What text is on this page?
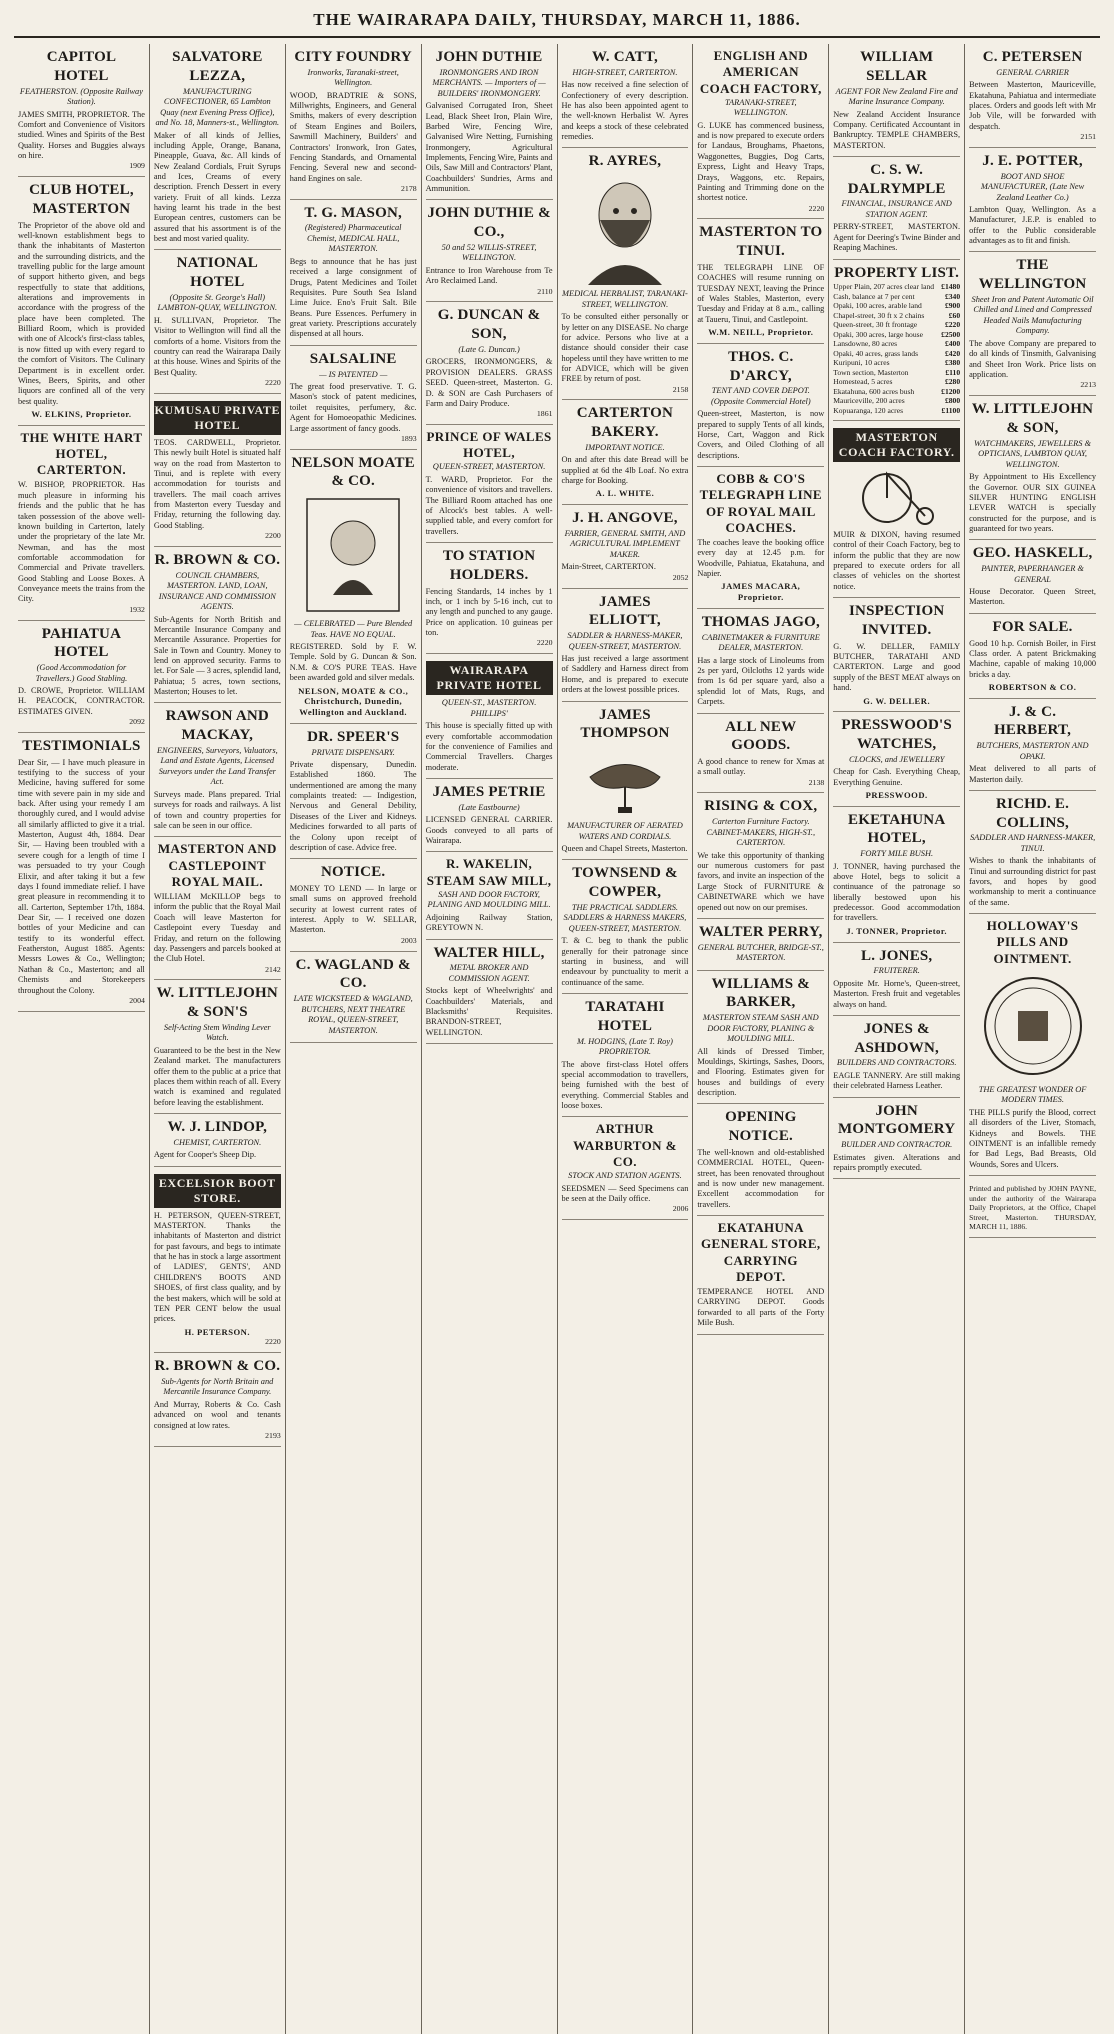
THE WAIRARAPA DAILY, THURSDAY, MARCH 11, 1886.
CAPITOL HOTEL
FEATHERSTON. (Opposite Railway Station).
JAMES SMITH, PROPRIETOR. The Comfort and Convenience of Visitors studied. Wines and Spirits of the Best Quality. Horses and Buggies always on hire.
1909
CLUB HOTEL, MASTERTON
The Proprietor of the above old and well-known establishment begs to thank the inhabitants of Masterton and the surrounding districts, and the travelling public for the large amount of support hitherto given, and begs respectfully to state that additions, alterations and improvements in accordance with the progress of the place have been completed. The Billiard Room, which is provided with one of Alcock's first-class tables, is now fitted up with every regard to the comfort of Visitors. The Culinary Department is in excellent order. Wines, Beers, Spirits, and other liquors are confined all of the very best quality.
W. ELKINS, Proprietor.
THE WHITE HART HOTEL, CARTERTON.
W. BISHOP, PROPRIETOR. Has much pleasure in informing his friends and the public that he has taken possession of the above well-known building in Carterton, lately under the proprietary of the late Mr. Newman, and has the most comfortable accommodation for Commercial and Private travellers. Good Stabling and Loose Boxes. A Conveyance meets the trains from the City.
1932
PAHIATUA HOTEL
(Good Accommodation for Travellers.) Good Stabling.
D. CROWE, Proprietor. WILLIAM H. PEACOCK, CONTRACTOR. ESTIMATES GIVEN.
2092
TESTIMONIALS
Dear Sir, — I have much pleasure in testifying to the success of your Medicine, having suffered for some time with severe pain in my side and back. After using your remedy I am thoroughly cured, and I would advise all similarly afflicted to give it a trial. Masterton, August 4th, 1884. Dear Sir, — Having been troubled with a severe cough for a length of time I was persuaded to try your Cough Elixir, and after taking it but a few days I found immediate relief. I have great pleasure in recommending it to all. Carterton, September 17th, 1884. Dear Sir, — I received one dozen bottles of your Medicine and can testify to its wonderful effect. Featherston, August 1885. Agents: Messrs Lowes & Co., Wellington; Nathan & Co., Masterton; and all Chemists and Storekeepers throughout the Colony.
2004
SALVATORE LEZZA,
MANUFACTURING CONFECTIONER, 65 Lambton Quay (next Evening Press Office), and No. 18, Manners-st., Wellington.
Maker of all kinds of Jellies, including Apple, Orange, Banana, Pineapple, Guava, &c. All kinds of New Zealand Cordials, Fruit Syrups and Ices, Creams of every description. French Dessert in every variety. Fruit of all kinds. Lezza having learnt his trade in the best European centres, customers can be assured that his assortment is of the best and most varied quality.
NATIONAL HOTEL
(Opposite St. George's Hall) LAMBTON-QUAY, WELLINGTON.
H. SULLIVAN, Proprietor. The Visitor to Wellington will find all the comforts of a home. Visitors from the country can read the Wairarapa Daily at this house. Wines and Spirits of the Best Quality.
2220
KUMUSAU PRIVATE HOTEL
TEOS. CARDWELL, Proprietor. This newly built Hotel is situated half way on the road from Masterton to Tinui, and is replete with every accommodation for tourists and travellers. The mail coach arrives from Masterton every Tuesday and Friday, returning the following day. Good Stabling.
2200
R. BROWN & CO.
COUNCIL CHAMBERS, MASTERTON. LAND, LOAN, INSURANCE AND COMMISSION AGENTS.
Sub-Agents for North British and Mercantile Insurance Company and Mercantile Assurance. Properties for Sale in Town and Country. Money to lend on approved security. Farms to let. For Sale — 3 acres, splendid land, Pahiatua; 5 acres, town sections, Masterton; Houses to let.
RAWSON AND MACKAY,
ENGINEERS, Surveyors, Valuators, Land and Estate Agents, Licensed Surveyors under the Land Transfer Act.
Surveys made. Plans prepared. Trial surveys for roads and railways. A list of town and country properties for sale can be seen in our office.
MASTERTON AND CASTLEPOINT ROYAL MAIL.
WILLIAM McKILLOP begs to inform the public that the Royal Mail Coach will leave Masterton for Castlepoint every Tuesday and Friday, and return on the following day. Passengers and parcels booked at the Club Hotel.
2142
W. LITTLEJOHN & SON'S
Self-Acting Stem Winding Lever Watch.
Guaranteed to be the best in the New Zealand market. The manufacturers offer them to the public at a price that places them within reach of all. Every watch is examined and regulated before leaving the establishment.
W. J. LINDOP,
CHEMIST, CARTERTON.
Agent for Cooper's Sheep Dip.
EXCELSIOR BOOT STORE.
H. PETERSON, QUEEN-STREET, MASTERTON. Thanks the inhabitants of Masterton and district for past favours, and begs to intimate that he has in stock a large assortment of LADIES', GENTS', AND CHILDREN'S BOOTS AND SHOES, of first class quality, and by the best makers, which will be sold at TEN PER CENT below the usual prices.
H. PETERSON.
2220
R. BROWN & CO.
Sub-Agents for North Britain and Mercantile Insurance Company.
And Murray, Roberts & Co. Cash advanced on wool and tenants consigned at low rates.
2193
CITY FOUNDRY
Ironworks, Taranaki-street, Wellington.
WOOD, BRADTRIE & SONS, Millwrights, Engineers, and General Smiths, makers of every description of Steam Engines and Boilers, Sawmill Machinery, Builders' and Contractors' Ironwork, Iron Gates, Fencing Standards, and Ornamental Fencing. Several new and second-hand Engines on sale.
2178
T. G. MASON,
(Registered) Pharmaceutical Chemist, MEDICAL HALL, MASTERTON.
Begs to announce that he has just received a large consignment of Drugs, Patent Medicines and Toilet Requisites. Pure South Sea Island Lime Juice. Eno's Fruit Salt. Bile Beans. Pure Essences. Perfumery in great variety. Prescriptions accurately dispensed at all hours.
SALSALINE
— IS PATENTED —
The great food preservative. T. G. Mason's stock of patent medicines, toilet requisites, perfumery, &c. Agent for Homoeopathic Medicines. Large assortment of fancy goods.
1893
NELSON MOATE & CO.
— CELEBRATED — Pure Blended Teas. HAVE NO EQUAL.
REGISTERED. Sold by F. W. Temple. Sold by G. Duncan & Son. N.M. & CO'S PURE TEAS. Have been awarded gold and silver medals.
NELSON, MOATE & CO., Christchurch, Dunedin, Wellington and Auckland.
DR. SPEER'S
PRIVATE DISPENSARY.
Private dispensary, Dunedin. Established 1860. The undermentioned are among the many complaints treated: — Indigestion, Nervous and General Debility, Diseases of the Liver and Kidneys. Medicines forwarded to all parts of the Colony upon receipt of description of case. Advice free.
NOTICE.
MONEY TO LEND — In large or small sums on approved freehold security at lowest current rates of interest. Apply to W. SELLAR, Masterton.
2003
C. WAGLAND & CO.
LATE WICKSTEED & WAGLAND, BUTCHERS, NEXT THEATRE ROYAL, QUEEN-STREET, MASTERTON.
JOHN DUTHIE
IRONMONGERS AND IRON MERCHANTS. — Importers of — BUILDERS' IRONMONGERY.
Galvanised Corrugated Iron, Sheet Lead, Black Sheet Iron, Plain Wire, Barbed Wire, Fencing Wire, Galvanised Wire Netting, Furnishing Ironmongery, Agricultural Implements, Fencing Wire, Paints and Oils, Saw Mill and Contractors' Plant, Coachbuilders' Sundries, Arms and Ammunition.
JOHN DUTHIE & CO.,
50 and 52 WILLIS-STREET, WELLINGTON.
Entrance to Iron Warehouse from Te Aro Reclaimed Land.
2110
G. DUNCAN & SON,
(Late G. Duncan.)
GROCERS, IRONMONGERS, & PROVISION DEALERS. GRASS SEED. Queen-street, Masterton. G. D. & SON are Cash Purchasers of Farm and Dairy Produce.
1861
PRINCE OF WALES HOTEL,
QUEEN-STREET, MASTERTON.
T. WARD, Proprietor. For the convenience of visitors and travellers. The Billiard Room attached has one of Alcock's best tables. A well-supplied table, and every comfort for travellers.
TO STATION HOLDERS.
Fencing Standards, 14 inches by 1 inch, or 1 inch by 5-16 inch, cut to any length and punched to any gauge. Price on application. 10 guineas per ton.
2220
WAIRARAPA PRIVATE HOTEL
QUEEN-ST., MASTERTON. PHILLIPS'
This house is specially fitted up with every comfortable accommodation for the convenience of Families and Commercial Travellers. Charges moderate.
JAMES PETRIE
(Late Eastbourne)
LICENSED GENERAL CARRIER. Goods conveyed to all parts of Wairarapa.
R. WAKELIN, STEAM SAW MILL,
SASH AND DOOR FACTORY, PLANING AND MOULDING MILL.
Adjoining Railway Station, GREYTOWN N.
WALTER HILL,
METAL BROKER AND COMMISSION AGENT.
Stocks kept of Wheelwrights' and Coachbuilders' Materials, and Blacksmiths' Requisites. BRANDON-STREET, WELLINGTON.
W. CATT,
HIGH-STREET, CARTERTON.
Has now received a fine selection of Confectionery of every description. He has also been appointed agent to the well-known Herbalist W. Ayres and keeps a stock of these celebrated remedies.
R. AYRES,
MEDICAL HERBALIST, TARANAKI-STREET, WELLINGTON.
To be consulted either personally or by letter on any DISEASE. No charge for advice. Persons who live at a distance should consider their case hopeless until they have written to me for ADVICE, which will be given FREE by return of post.
2158
CARTERTON BAKERY.
IMPORTANT NOTICE.
On and after this date Bread will be supplied at 6d the 4lb Loaf. No extra charge for Booking.
A. L. WHITE.
J. H. ANGOVE,
FARRIER, GENERAL SMITH, AND AGRICULTURAL IMPLEMENT MAKER.
Main-Street, CARTERTON.
2052
JAMES ELLIOTT,
SADDLER & HARNESS-MAKER, QUEEN-STREET, MASTERTON.
Has just received a large assortment of Saddlery and Harness direct from Home, and is prepared to execute orders at the lowest possible prices.
JAMES THOMPSON
MANUFACTURER OF AERATED WATERS AND CORDIALS.
Queen and Chapel Streets, Masterton.
TOWNSEND & COWPER,
THE PRACTICAL SADDLERS. SADDLERS & HARNESS MAKERS, QUEEN-STREET, MASTERTON.
T. & C. beg to thank the public generally for their patronage since starting in business, and will endeavour by punctuality to merit a continuance of the same.
TARATAHI HOTEL
M. HODGINS, (Late T. Roy) PROPRIETOR.
The above first-class Hotel offers special accommodation to travellers, being furnished with the best of everything. Commercial Stables and loose boxes.
ARTHUR WARBURTON & CO.
STOCK AND STATION AGENTS.
SEEDSMEN — Seed Specimens can be seen at the Daily office.
2006
ENGLISH AND AMERICAN COACH FACTORY,
TARANAKI-STREET, WELLINGTON.
G. LUKE has commenced business, and is now prepared to execute orders for Landaus, Broughams, Phaetons, Waggonettes, Buggies, Dog Carts, Express, Light and Heavy Traps, Drays, Waggons, etc. Repairs, Painting and Trimming done on the shortest notice.
2220
MASTERTON TO TINUI.
THE TELEGRAPH LINE OF COACHES will resume running on TUESDAY NEXT, leaving the Prince of Wales Stables, Masterton, every Tuesday and Friday at 8 a.m., calling at Taueru, Tinui, and Castlepoint.
W.M. NEILL, Proprietor.
THOS. C. D'ARCY,
TENT AND COVER DEPOT. (Opposite Commercial Hotel)
Queen-street, Masterton, is now prepared to supply Tents of all kinds, Horse, Cart, Waggon and Rick Covers, and Oiled Clothing of all descriptions.
COBB & CO'S TELEGRAPH LINE OF ROYAL MAIL COACHES.
The coaches leave the booking office every day at 12.45 p.m. for Woodville, Pahiatua, Ekatahuna, and Napier.
JAMES MACARA, Proprietor.
THOMAS JAGO,
CABINETMAKER & FURNITURE DEALER, MASTERTON.
Has a large stock of Linoleums from 2s per yard, Oilcloths 12 yards wide from 1s 6d per square yard, also a splendid lot of Mats, Rugs, and Carpets.
ALL NEW GOODS.
A good chance to renew for Xmas at a small outlay.
2138
RISING & COX,
Carterton Furniture Factory. CABINET-MAKERS, HIGH-ST., CARTERTON.
We take this opportunity of thanking our numerous customers for past favors, and invite an inspection of the Large Stock of FURNITURE & CABINETWARE which we have opened out now on our premises.
WALTER PERRY,
GENERAL BUTCHER, BRIDGE-ST., MASTERTON.
WILLIAMS & BARKER,
MASTERTON STEAM SASH AND DOOR FACTORY, PLANING & MOULDING MILL.
All kinds of Dressed Timber, Mouldings, Skirtings, Sashes, Doors, and Flooring. Estimates given for houses and buildings of every description.
OPENING NOTICE.
The well-known and old-established COMMERCIAL HOTEL, Queen-street, has been renovated throughout and is now under new management. Excellent accommodation for travellers.
EKATAHUNA GENERAL STORE, CARRYING DEPOT.
TEMPERANCE HOTEL AND CARRYING DEPOT. Goods forwarded to all parts of the Forty Mile Bush.
WILLIAM SELLAR
AGENT FOR New Zealand Fire and Marine Insurance Company.
New Zealand Accident Insurance Company. Certificated Accountant in Bankruptcy. TEMPLE CHAMBERS, MASTERTON.
C. S. W. DALRYMPLE
FINANCIAL, INSURANCE AND STATION AGENT.
PERRY-STREET, MASTERTON. Agent for Deering's Twine Binder and Reaping Machines.
PROPERTY LIST.
Upper Plain, 207 acres clear land £1480
Cash, balance at 7 per cent	£340
Opaki, 100 acres, arable land	£900
Chapel-street, 30 ft x 2 chains	£60
Queen-street, 30 ft frontage	£220
Opaki, 300 acres, large house £2500
Lansdowne, 80 acres	£400
Opaki, 40 acres, grass lands	£420
Kuripuni, 10 acres	£380
Town section, Masterton	£110
Homestead, 5 acres	£280
Ekatahuna, 600 acres bush	£1200
Mauriceville, 200 acres	£800
Kopuaranga, 120 acres	£1100
MASTERTON COACH FACTORY.
MUIR & DIXON, having resumed control of their Coach Factory, beg to inform the public that they are now prepared to execute orders for all classes of vehicles on the shortest notice.
INSPECTION INVITED.
G. W. DELLER, FAMILY BUTCHER, TARATAHI AND CARTERTON. Large and good supply of the BEST MEAT always on hand.
G. W. DELLER.
PRESSWOOD'S WATCHES,
CLOCKS, and JEWELLERY
Cheap for Cash. Everything Cheap, Everything Genuine.
PRESSWOOD.
EKETAHUNA HOTEL,
FORTY MILE BUSH.
J. TONNER, having purchased the above Hotel, begs to solicit a continuance of the patronage so liberally bestowed upon his predecessor. Good accommodation for travellers.
J. TONNER, Proprietor.
L. JONES,
FRUITERER.
Opposite Mr. Horne's, Queen-street, Masterton. Fresh fruit and vegetables always on hand.
JONES & ASHDOWN,
BUILDERS AND CONTRACTORS.
EAGLE TANNERY. Are still making their celebrated Harness Leather.
JOHN MONTGOMERY
BUILDER AND CONTRACTOR.
Estimates given. Alterations and repairs promptly executed.
C. PETERSEN
GENERAL CARRIER
Between Masterton, Mauriceville, Ekatahuna, Pahiatua and intermediate places. Orders and goods left with Mr Job Vile, will be forwarded with despatch.
2151
J. E. POTTER,
BOOT AND SHOE MANUFACTURER, (Late New Zealand Leather Co.)
Lambton Quay, Wellington. As a Manufacturer, J.E.P. is enabled to offer to the Public considerable advantages as to fit and finish.
THE WELLINGTON
Sheet Iron and Patent Automatic Oil Chilled and Lined and Compressed Headed Nails Manufacturing Company.
The above Company are prepared to do all kinds of Tinsmith, Galvanising and Sheet Iron Work. Price lists on application.
2213
W. LITTLEJOHN & SON,
WATCHMAKERS, JEWELLERS & OPTICIANS, LAMBTON QUAY, WELLINGTON.
By Appointment to His Excellency the Governor. OUR SIX GUINEA SILVER HUNTING ENGLISH LEVER WATCH is specially constructed for the purpose, and is guaranteed for two years.
GEO. HASKELL,
PAINTER, PAPERHANGER & GENERAL
House Decorator. Queen Street, Masterton.
FOR SALE.
Good 10 h.p. Cornish Boiler, in First Class order. A patent Brickmaking Machine, capable of making 10,000 bricks a day.
ROBERTSON & CO.
J. & C. HERBERT,
BUTCHERS, MASTERTON AND OPAKI.
Meat delivered to all parts of Masterton daily.
RICHD. E. COLLINS,
SADDLER AND HARNESS-MAKER, TINUI.
Wishes to thank the inhabitants of Tinui and surrounding district for past favors, and hopes by good workmanship to merit a continuance of the same.
HOLLOWAY'S PILLS AND OINTMENT.
THE GREATEST WONDER OF MODERN TIMES.
THE PILLS purify the Blood, correct all disorders of the Liver, Stomach, Kidneys and Bowels. THE OINTMENT is an infallible remedy for Bad Legs, Bad Breasts, Old Wounds, Sores and Ulcers.
Printed and published by JOHN PAYNE, under the authority of the Wairarapa Daily Proprietors, at the Office, Chapel Street, Masterton. THURSDAY, MARCH 11, 1886.
